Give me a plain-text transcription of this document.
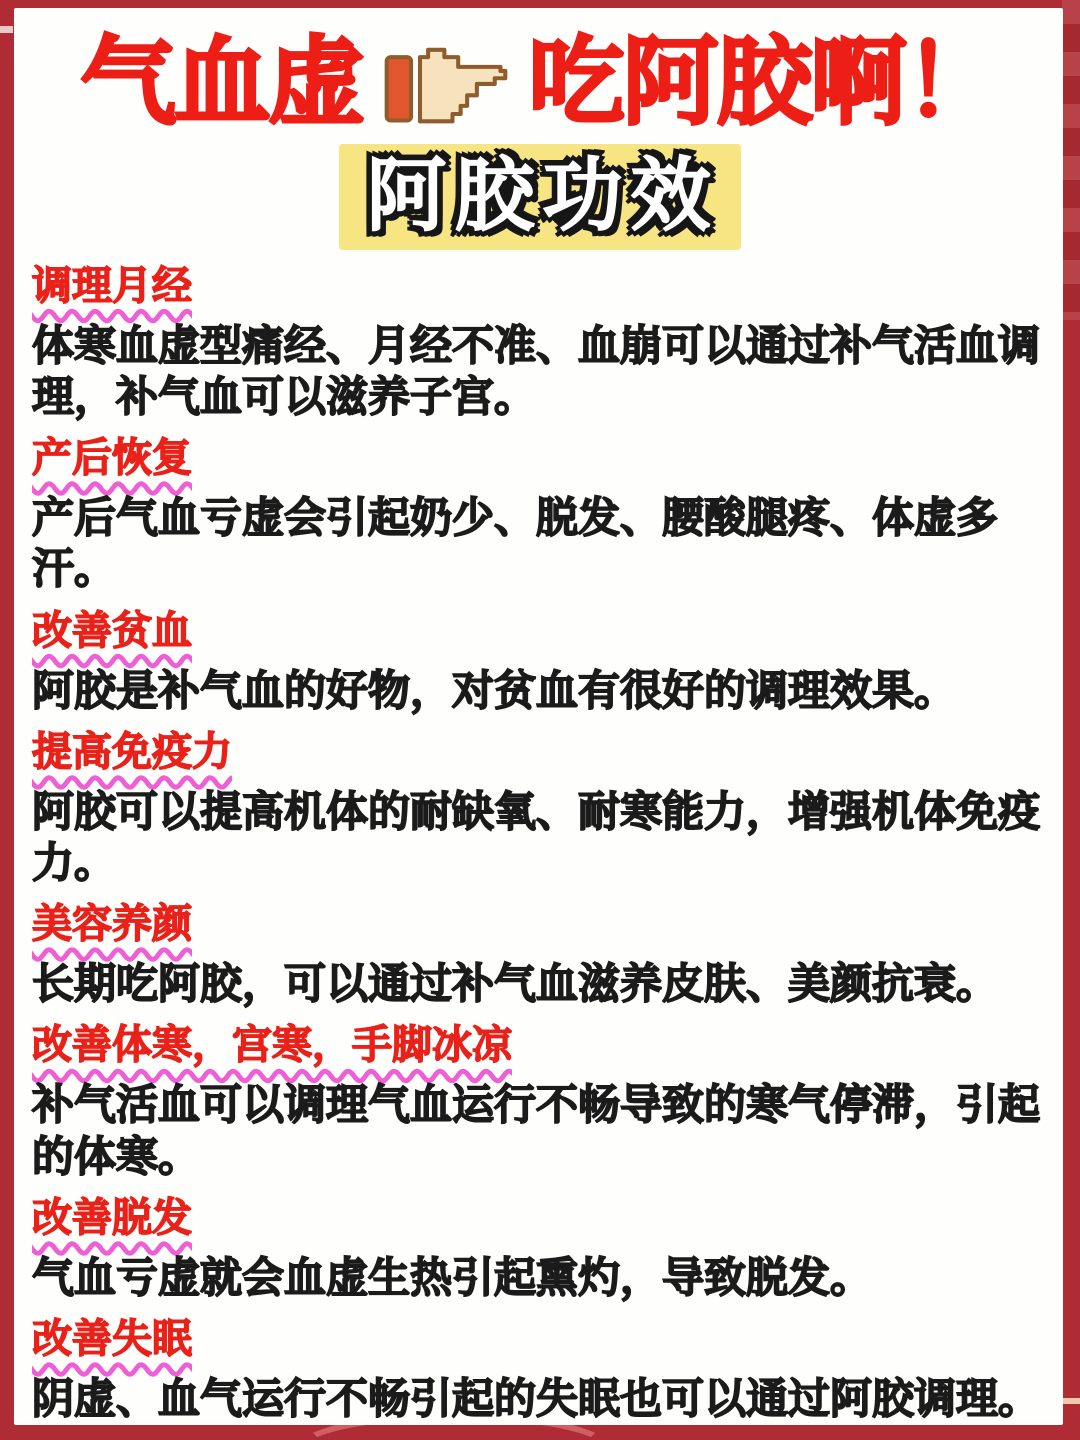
气血虚 吃阿胶啊！
阿胶功效
调理月经

体寒血虚型痛经、月经不准、血崩可以通过补气活血调理，补气血可以滋养子宫。

产后恢复

产后气血亏虚会引起奶少、脱发、腰酸腿疼、体虚多汗。

改善贫血

阿胶是补气血的好物，对贫血有很好的调理效果。

提高免疫力

阿胶可以提高机体的耐缺氧、耐寒能力，增强机体免疫力。

美容养颜

长期吃阿胶，可以通过补气血滋养皮肤、美颜抗衰。

改善体寒，宫寒，手脚冰凉

补气活血可以调理气血运行不畅导致的寒气停滞，引起的体寒。

改善脱发

气血亏虚就会血虚生热引起熏灼，导致脱发。

改善失眠

阴虚、血气运行不畅引起的失眠也可以通过阿胶调理。
